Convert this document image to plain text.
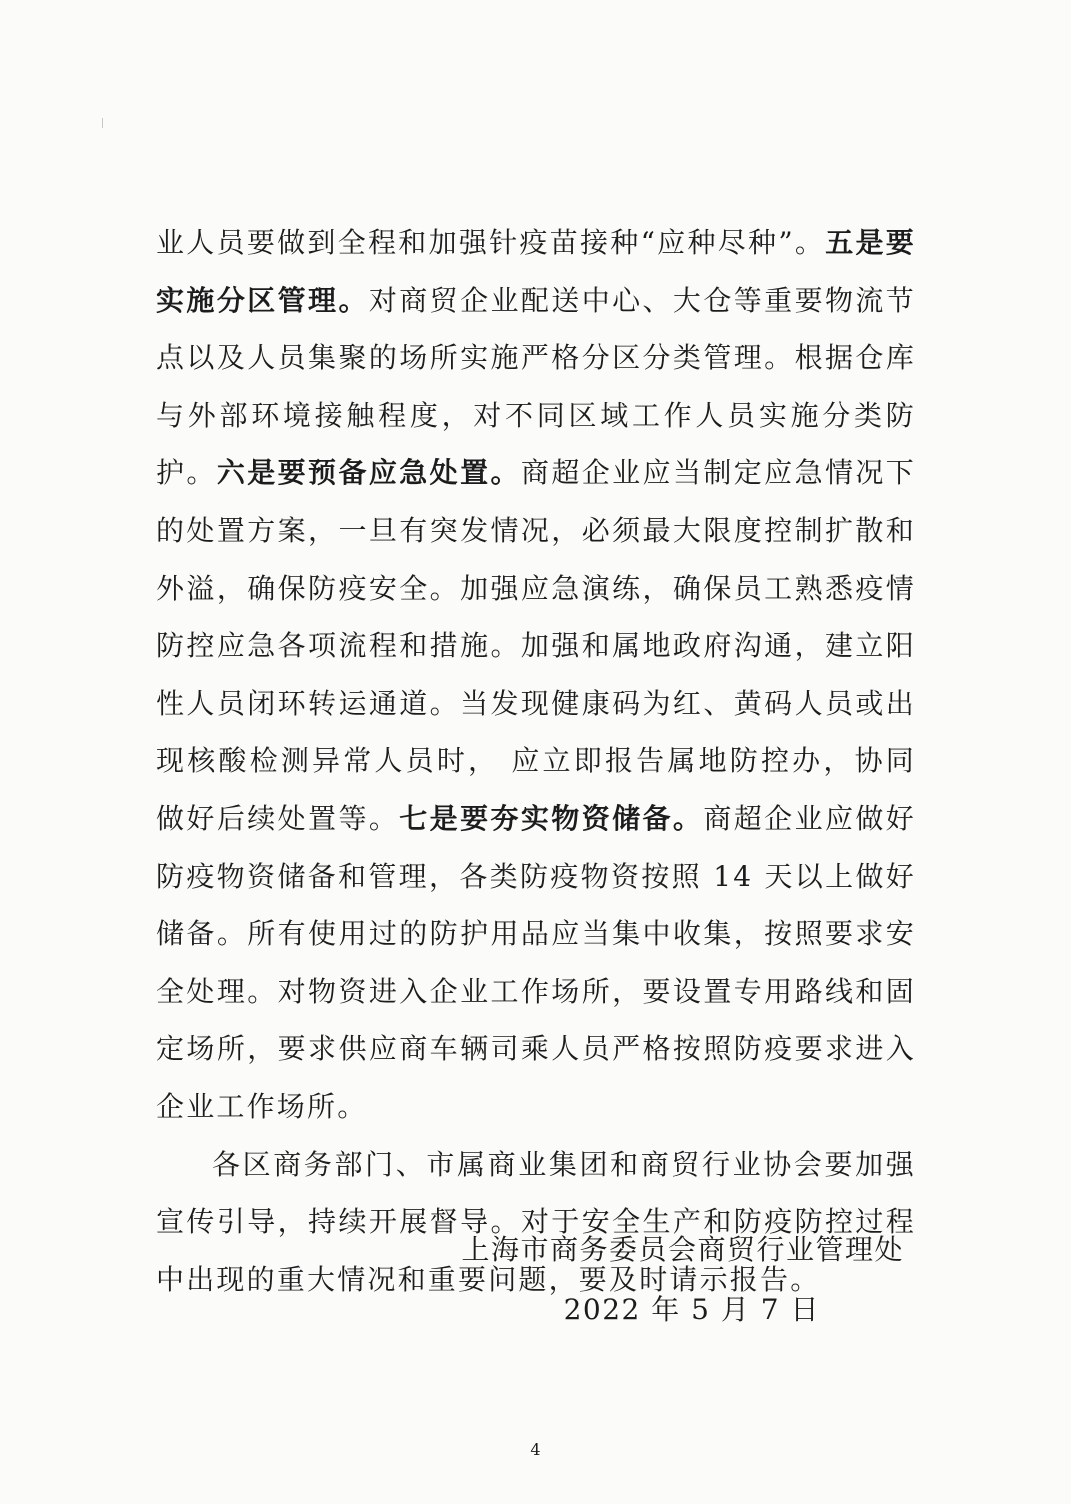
业人员要做到全程和加强针疫苗接种“应种尽种”。五是要实施分区管理。对商贸企业配送中心、大仓等重要物流节点以及人员集聚的场所实施严格分区分类管理。根据仓库与外部环境接触程度，对不同区域工作人员实施分类防护。六是要预备应急处置。商超企业应当制定应急情况下的处置方案，一旦有突发情况，必须最大限度控制扩散和外溢，确保防疫安全。加强应急演练，确保员工熟悉疫情防控应急各项流程和措施。加强和属地政府沟通，建立阳性人员闭环转运通道。当发现健康码为红、黄码人员或出现核酸检测异常人员时， 应立即报告属地防控办，协同做好后续处置等。七是要夯实物资储备。商超企业应做好防疫物资储备和管理，各类防疫物资按照 14 天以上做好储备。所有使用过的防护用品应当集中收集，按照要求安全处理。对物资进入企业工作场所，要设置专用路线和固定场所，要求供应商车辆司乘人员严格按照防疫要求进入企业工作场所。

各区商务部门、市属商业集团和商贸行业协会要加强宣传引导，持续开展督导。对于安全生产和防疫防控过程中出现的重大情况和重要问题，要及时请示报告。

上海市商务委员会商贸行业管理处
2022 年 5 月 7 日
4
